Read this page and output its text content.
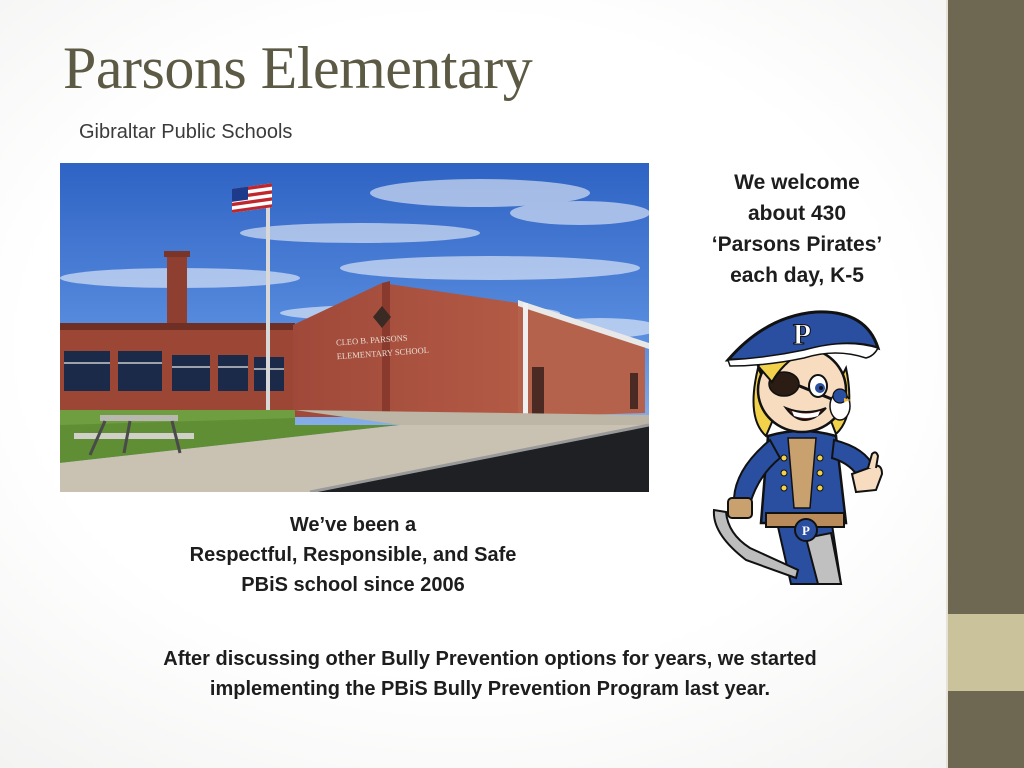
Parsons Elementary
Gibraltar Public Schools
CLEO B. PARSONS
ELEMENTARY SCHOOL
We welcome
about 430
‘Parsons Pirates’
each day, K-5
P
P
We’ve been a
Respectful, Responsible, and Safe
PBiS school since 2006
After discussing other Bully Prevention options for years, we started
implementing the PBiS Bully Prevention Program last year.
